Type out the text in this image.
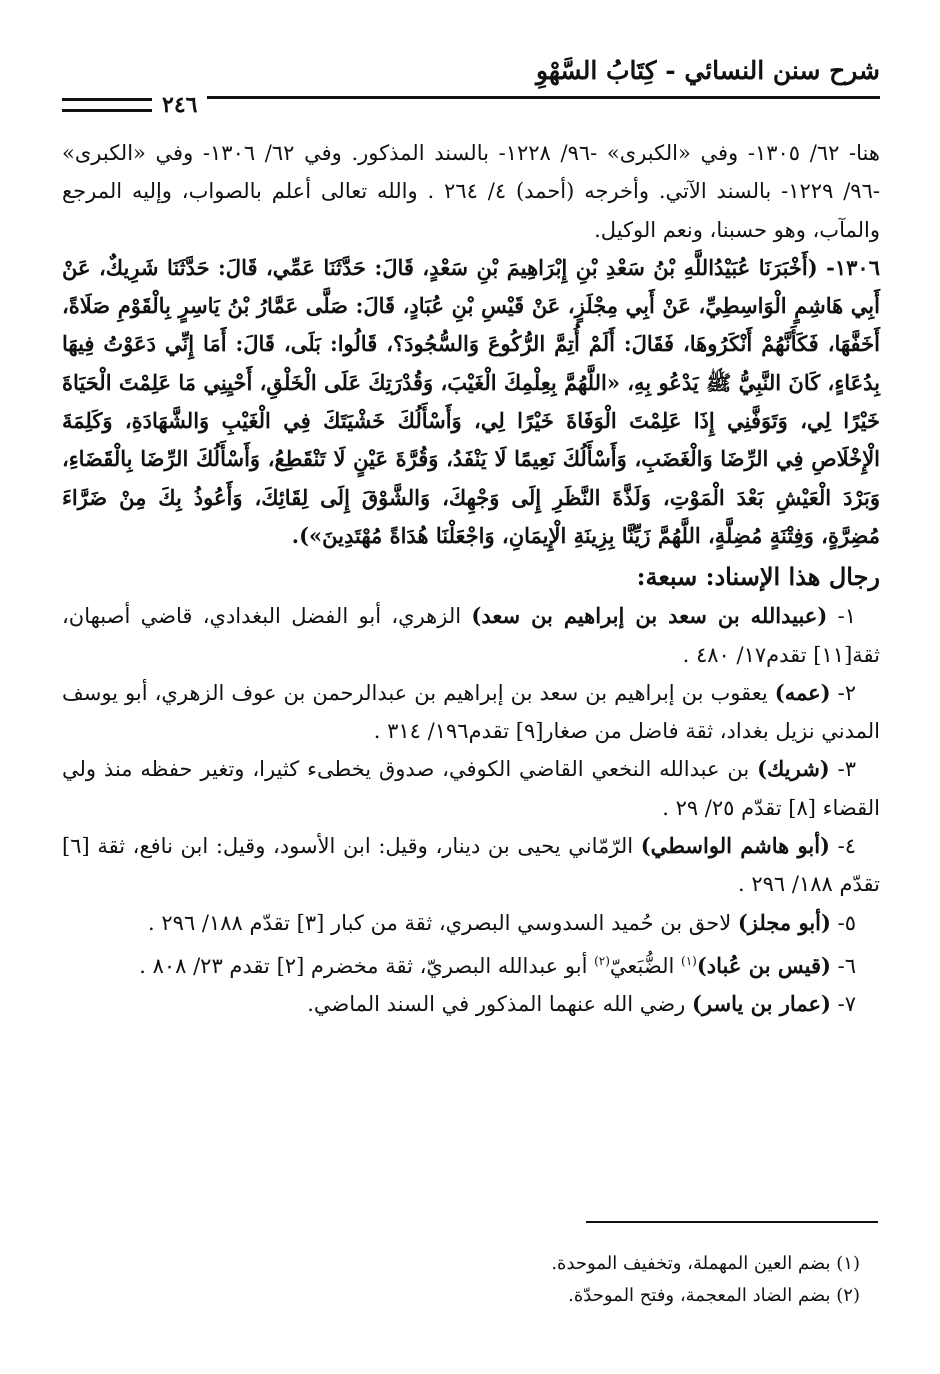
شرح سنن النسائي - كِتَابُ السَّهْوِ
٢٤٦

هنا- ٦٢/ ١٣٠٥- وفي «الكبرى» -٩٦/ ١٢٢٨- بالسند المذكور. وفي ٦٢/ ١٣٠٦- وفي «الكبرى» -٩٦/ ١٢٢٩- بالسند الآتي. وأخرجه (أحمد) ٤/ ٢٦٤ . والله تعالى أعلم بالصواب، وإليه المرجع والمآب، وهو حسبنا، ونعم الوكيل.

١٣٠٦- (أَخْبَرَنَا عُبَيْدُاللَّهِ بْنُ سَعْدِ بْنِ إِبْرَاهِيمَ بْنِ سَعْدٍ، قَالَ: حَدَّثَنَا عَمِّي، قَالَ: حَدَّثَنَا شَرِيكٌ، عَنْ أَبِي هَاشِمٍ الْوَاسِطِيِّ، عَنْ أَبِي مِجْلَزٍ، عَنْ قَيْسِ بْنِ عُبَادٍ، قَالَ: صَلَّى عَمَّارُ بْنُ يَاسِرٍ بِالْقَوْمِ صَلَاةً، أَخَفَّهَا، فَكَأَنَّهُمْ أَنْكَرُوهَا، فَقَالَ: أَلَمْ أُتِمَّ الرُّكُوعَ وَالسُّجُودَ؟، قَالُوا: بَلَى، قَالَ: أَمَا إِنِّي دَعَوْتُ فِيهَا بِدُعَاءٍ، كَانَ النَّبِيُّ ﷺ يَدْعُو بِهِ، «اللَّهُمَّ بِعِلْمِكَ الْغَيْبَ، وَقُدْرَتِكَ عَلَى الْخَلْقِ، أَحْيِنِي مَا عَلِمْتَ الْحَيَاةَ خَيْرًا لِي، وَتَوَفَّنِي إِذَا عَلِمْتَ الْوَفَاةَ خَيْرًا لِي، وَأَسْأَلُكَ خَشْيَتَكَ فِي الْغَيْبِ وَالشَّهَادَةِ، وَكَلِمَةَ الْإِخْلَاصِ فِي الرِّضَا وَالْغَضَبِ، وَأَسْأَلُكَ نَعِيمًا لَا يَنْفَدُ، وَقُرَّةَ عَيْنٍ لَا تَنْقَطِعُ، وَأَسْأَلُكَ الرِّضَا بِالْقَضَاءِ، وَبَرْدَ الْعَيْشِ بَعْدَ الْمَوْتِ، وَلَذَّةَ النَّظَرِ إِلَى وَجْهِكَ، وَالشَّوْقَ إِلَى لِقَائِكَ، وَأَعُوذُ بِكَ مِنْ ضَرَّاءَ مُضِرَّةٍ، وَفِتْنَةٍ مُضِلَّةٍ، اللَّهُمَّ زَيِّنَّا بِزِينَةِ الْإِيمَانِ، وَاجْعَلْنَا هُدَاةً مُهْتَدِينَ»).

رجال هذا الإسناد: سبعة:

١- (عبيدالله بن سعد بن إبراهيم بن سعد) الزهري، أبو الفضل البغدادي، قاضي أصبهان، ثقة[١١] تقدم١٧/ ٤٨٠ .

٢- (عمه) يعقوب بن إبراهيم بن سعد بن إبراهيم بن عبدالرحمن بن عوف الزهري، أبو يوسف المدني نزيل بغداد، ثقة فاضل من صغار[٩] تقدم١٩٦/ ٣١٤ .

٣- (شريك) بن عبدالله النخعي القاضي الكوفي، صدوق يخطىء كثيرا، وتغير حفظه منذ ولي القضاء [٨] تقدّم ٢٥/ ٢٩ .

٤- (أبو هاشم الواسطي) الرّمّاني يحيى بن دينار، وقيل: ابن الأسود، وقيل: ابن نافع، ثقة [٦] تقدّم ١٨٨/ ٢٩٦ .

٥- (أبو مجلز) لاحق بن حُميد السدوسي البصري، ثقة من كبار [٣] تقدّم ١٨٨/ ٢٩٦ .

٦- (قيس بن عُباد)$^{(١)}$ الضُّبَعيّ$^{(٢)}$ أبو عبدالله البصريّ، ثقة مخضرم [٢] تقدم ٢٣/ ٨٠٨ .

٧- (عمار بن ياسر) رضي الله عنهما المذكور في السند الماضي.

(١) بضم العين المهملة، وتخفيف الموحدة.

(٢) بضم الضاد المعجمة، وفتح الموحدّة.
